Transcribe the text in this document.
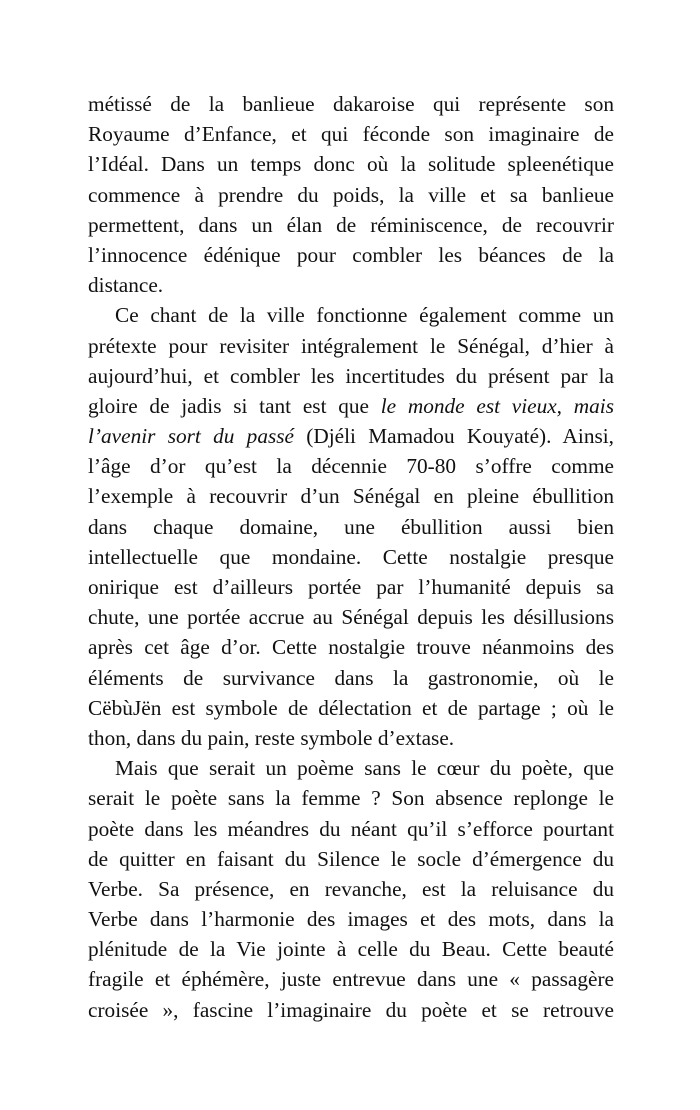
métissé de la banlieue dakaroise qui représente son
Royaume d’Enfance, et qui féconde son imaginaire de
l’Idéal. Dans un temps donc où la solitude spleenétique
commence à prendre du poids, la ville et sa banlieue
permettent, dans un élan de réminiscence, de recouvrir
l’innocence édénique pour combler les béances de la
distance.
Ce chant de la ville fonctionne également comme un
prétexte pour revisiter intégralement le Sénégal, d’hier à
aujourd’hui, et combler les incertitudes du présent par la
gloire de jadis si tant est que le monde est vieux, mais
l’avenir sort du passé (Djéli Mamadou Kouyaté). Ainsi,
l’âge d’or qu’est la décennie 70-80 s’offre comme
l’exemple à recouvrir d’un Sénégal en pleine ébullition
dans chaque domaine, une ébullition aussi bien
intellectuelle que mondaine. Cette nostalgie presque
onirique est d’ailleurs portée par l’humanité depuis sa
chute, une portée accrue au Sénégal depuis les désillusions
après cet âge d’or. Cette nostalgie trouve néanmoins des
éléments de survivance dans la gastronomie, où le
CëbùJën est symbole de délectation et de partage ; où le
thon, dans du pain, reste symbole d’extase.
Mais que serait un poème sans le cœur du poète, que
serait le poète sans la femme ? Son absence replonge le
poète dans les méandres du néant qu’il s’efforce pourtant
de quitter en faisant du Silence le socle d’émergence du
Verbe. Sa présence, en revanche, est la reluisance du
Verbe dans l’harmonie des images et des mots, dans la
plénitude de la Vie jointe à celle du Beau. Cette beauté
fragile et éphémère, juste entrevue dans une « passagère
croisée », fascine l’imaginaire du poète et se retrouve
